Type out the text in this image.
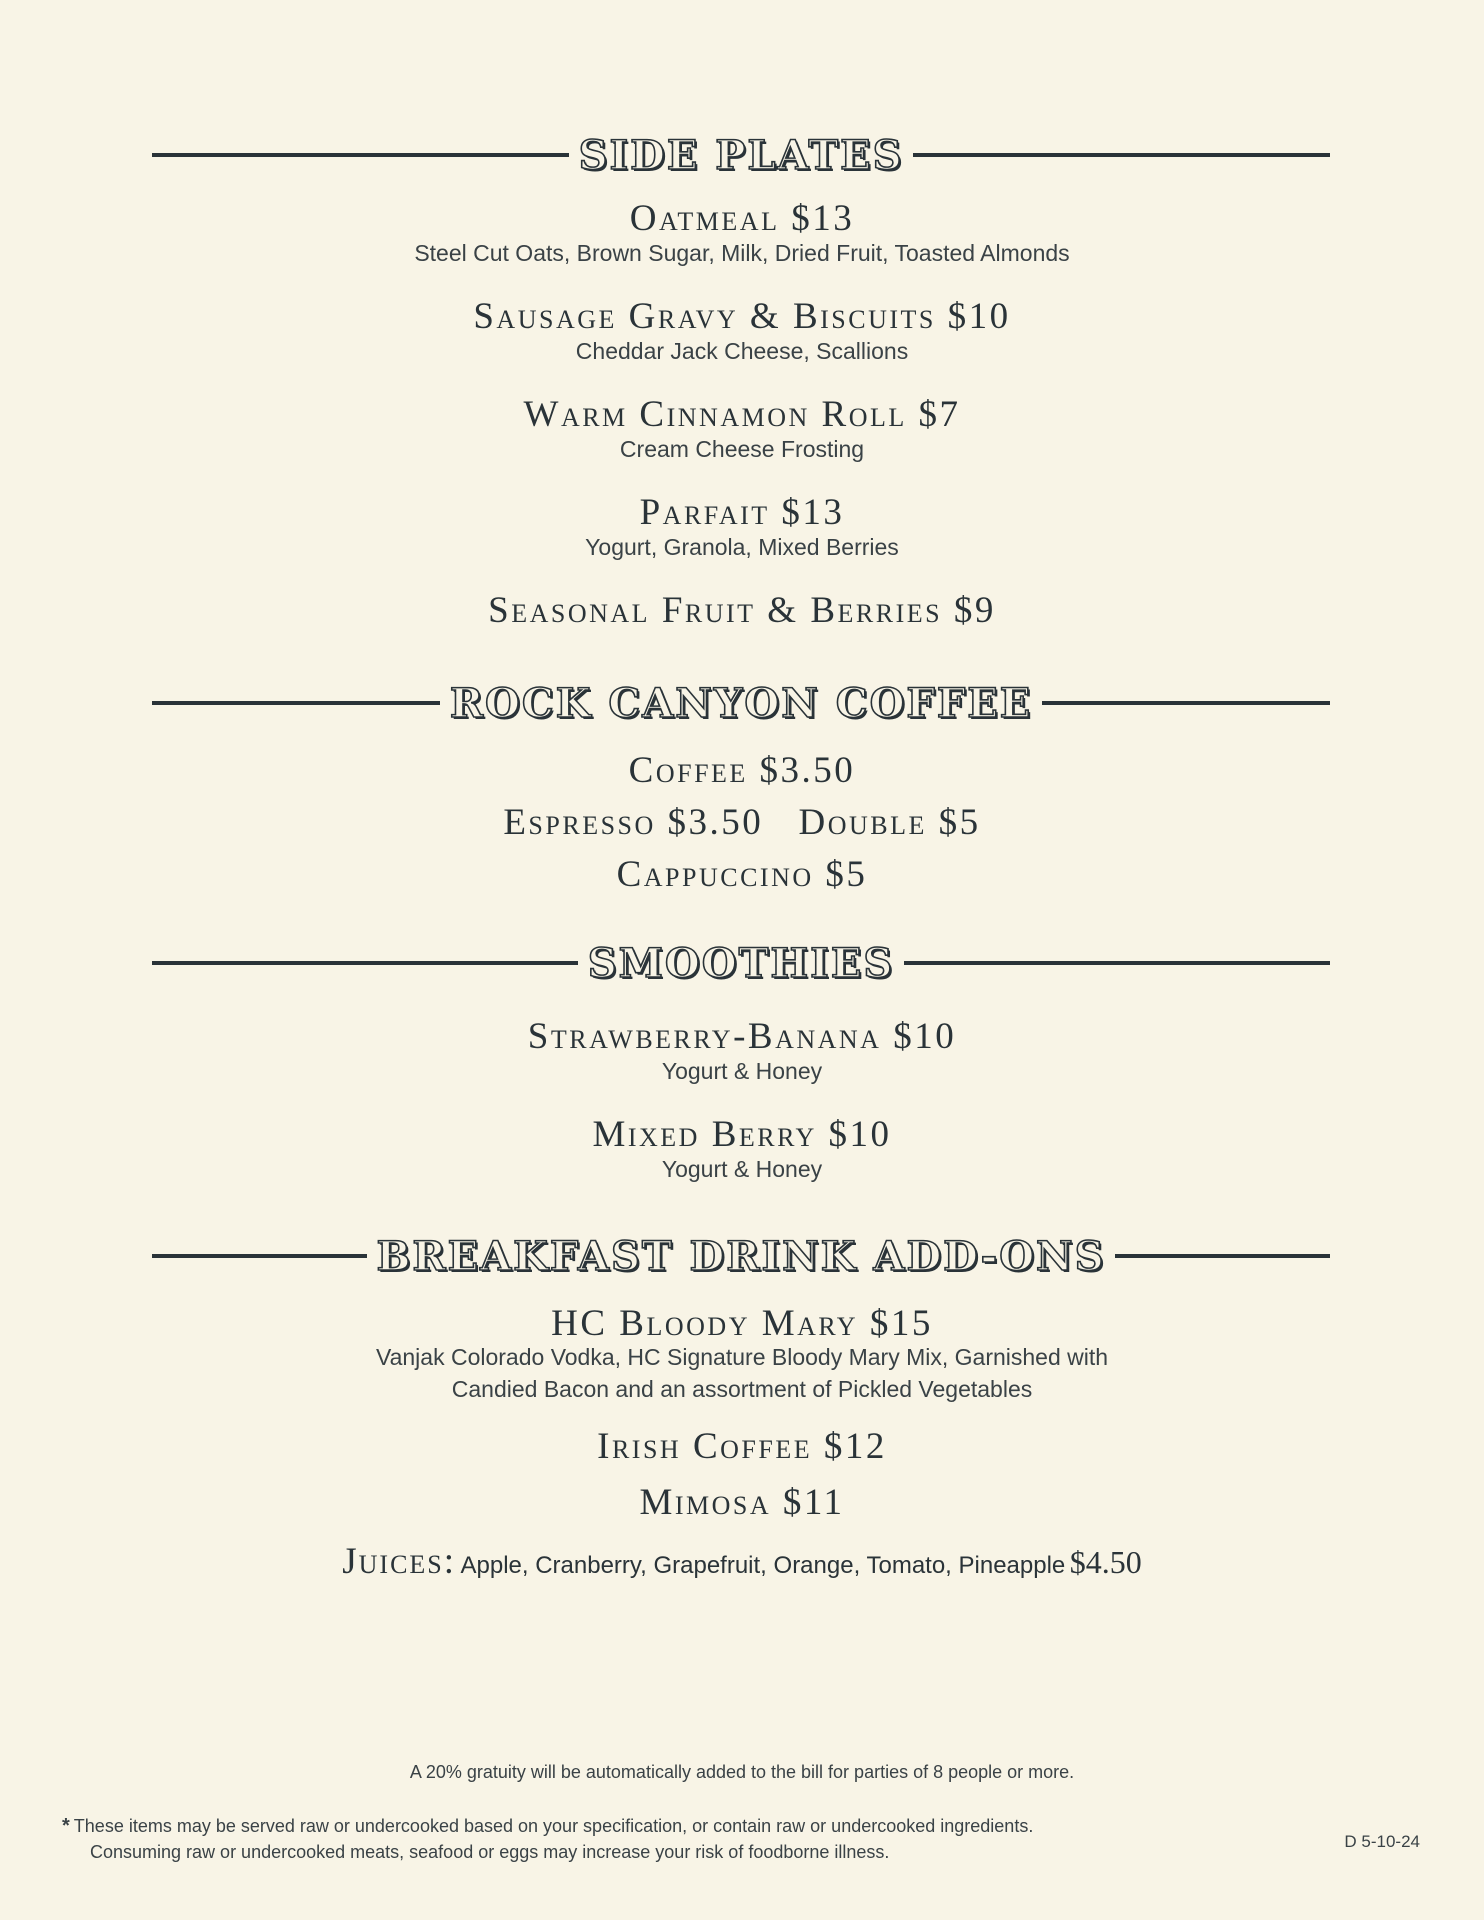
SIDE PLATES
Oatmeal $13
Steel Cut Oats, Brown Sugar, Milk, Dried Fruit, Toasted Almonds
Sausage Gravy & Biscuits $10
Cheddar Jack Cheese, Scallions
Warm Cinnamon Roll $7
Cream Cheese Frosting
Parfait $13
Yogurt, Granola, Mixed Berries
Seasonal Fruit & Berries $9
ROCK CANYON COFFEE
Coffee $3.50
Espresso $3.50   Double $5
Cappuccino $5
SMOOTHIES
Strawberry-Banana $10
Yogurt & Honey
Mixed Berry $10
Yogurt & Honey
BREAKFAST DRINK ADD-ONS
HC Bloody Mary $15
Vanjak Colorado Vodka, HC Signature Bloody Mary Mix, Garnished with
Candied Bacon and an assortment of Pickled Vegetables
Irish Coffee $12
Mimosa $11
Juices: Apple, Cranberry, Grapefruit, Orange, Tomato, Pineapple $4.50
A 20% gratuity will be automatically added to the bill for parties of 8 people or more.
* These items may be served raw or undercooked based on your specification, or contain raw or undercooked ingredients.
Consuming raw or undercooked meats, seafood or eggs may increase your risk of foodborne illness.
D 5-10-24
